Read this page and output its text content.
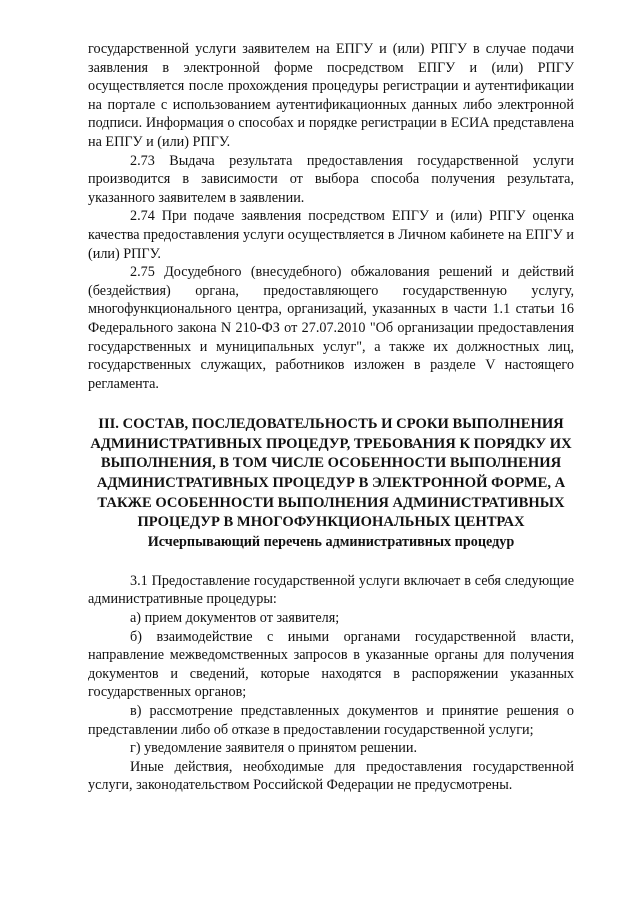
государственной услуги заявителем на ЕПГУ и (или) РПГУ в случае подачи заявления в электронной форме посредством ЕПГУ и (или) РПГУ осуществляется после прохождения процедуры регистрации и аутентификации на портале с использованием аутентификационных данных либо электронной подписи. Информация о способах и порядке регистрации в ЕСИА представлена на ЕПГУ и (или) РПГУ.

2.73 Выдача результата предоставления государственной услуги производится в зависимости от выбора способа получения результата, указанного заявителем в заявлении.

2.74 При подаче заявления посредством ЕПГУ и (или) РПГУ оценка качества предоставления услуги осуществляется в Личном кабинете на ЕПГУ и (или) РПГУ.

2.75 Досудебного (внесудебного) обжалования решений и действий (бездействия) органа, предоставляющего государственную услугу, многофункционального центра, организаций, указанных в части 1.1 статьи 16 Федерального закона N 210-ФЗ от 27.07.2010 "Об организации предоставления государственных и муниципальных услуг", а также их должностных лиц, государственных служащих, работников изложен в разделе V настоящего регламента.

III. СОСТАВ, ПОСЛЕДОВАТЕЛЬНОСТЬ И СРОКИ ВЫПОЛНЕНИЯ АДМИНИСТРАТИВНЫХ ПРОЦЕДУР, ТРЕБОВАНИЯ К ПОРЯДКУ ИХ ВЫПОЛНЕНИЯ, В ТОМ ЧИСЛЕ ОСОБЕННОСТИ ВЫПОЛНЕНИЯ АДМИНИСТРАТИВНЫХ ПРОЦЕДУР В ЭЛЕКТРОННОЙ ФОРМЕ, А ТАКЖЕ ОСОБЕННОСТИ ВЫПОЛНЕНИЯ АДМИНИСТРАТИВНЫХ ПРОЦЕДУР В МНОГОФУНКЦИОНАЛЬНЫХ ЦЕНТРАХ

Исчерпывающий перечень административных процедур

3.1 Предоставление государственной услуги включает в себя следующие административные процедуры:

а) прием документов от заявителя;

б) взаимодействие с иными органами государственной власти, направление межведомственных запросов в указанные органы для получения документов и сведений, которые находятся в распоряжении указанных государственных органов;

в) рассмотрение представленных документов и принятие решения о представлении либо об отказе в предоставлении государственной услуги;

г) уведомление заявителя о принятом решении.

Иные действия, необходимые для предоставления государственной услуги, законодательством Российской Федерации не предусмотрены.
